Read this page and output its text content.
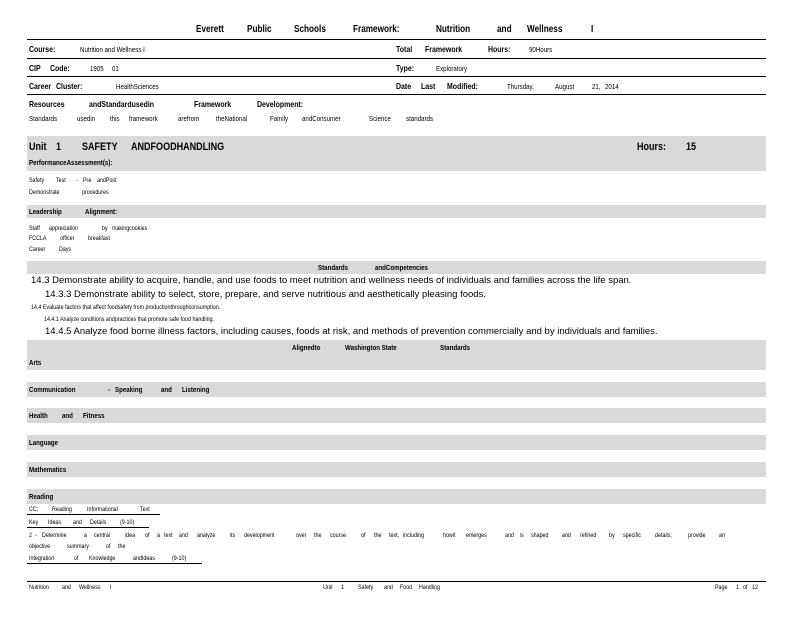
Everett Public Schools	Framework:	Nutrition	and Wellness	I
Course:	Nutrition and Wellness I	Total Framework	Hours: 90Hours
CIP Code:	1905 01	Type:	Exploratory
Career Cluster:	HealthSciences	Date Last Modified:	Thursday,	August 21, 2014
Resources	andStandardusedin	Framework	Development:
Standards	usedin this framework	arefrom theNational	Family andConsumer	Science standards
Unit 1 SAFETY ANDFOODHANDLING	Hours: 15
PerformanceAssessment(s):
Safety Test - Pre andPost
Demonstrate	procedures
Leadership	Alignment:
Staff appreciation	by makingcookies
FCCLA officer breakfast
Career Days
Standards	andCompetencies
14.3 Demonstrate ability to acquire, handle, and use foods to meet nutrition and wellness needs of individuals and families across the life span.
14.3.3 Demonstrate ability to select, store, prepare, and serve nutritious and aesthetically pleasing foods.
14.4 Evaluate factors that affect foodsafety from productionthroughconsumption.
14.4.1 Analyze conditions andpractices that promote safe food handling.
14.4.5 Analyze food borne illness factors, including causes, foods at risk, and methods of prevention commercially and by individuals and families.
Alignedto	Washington State	Standards
Arts
Communication	- Speaking and Listening
Health and Fitness
Language
Mathematics
Reading
CC: Reading Informational	Text
Key Ideas and Details (9-10)
2 - Determine	a central idea of a text and analyze its development	over the course of the text, including	howit emerges	and is shaped and refined by specific details; provide an
objective	summary	of the
Integration	of Knowledge	andIdeas	(9-10)
Nutrition and Wellness I	Unit 1 Safety and Food Handling	Page 1 of 12
